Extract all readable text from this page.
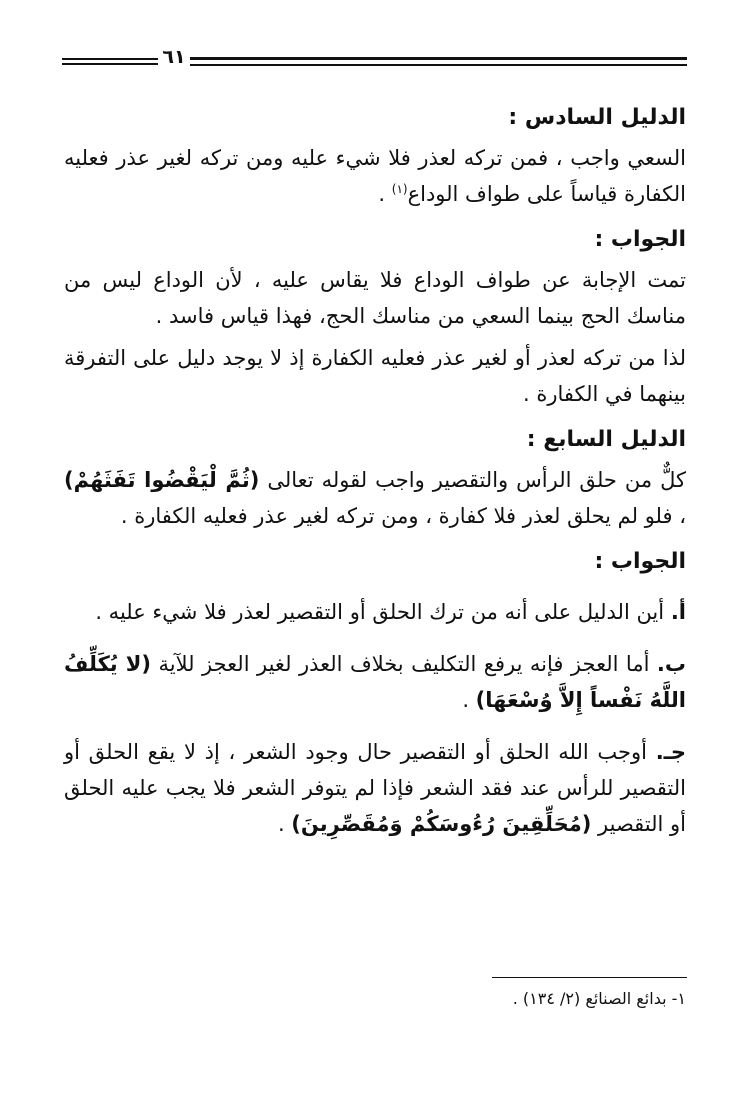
٦١
الدليل السادس :

السعي واجب ، فمن تركه لعذر فلا شيء عليه ومن تركه لغير عذر فعليه الكفارة قياساً على طواف الوداع$^{(١)}$ .

الجواب :

تمت الإجابة عن طواف الوداع فلا يقاس عليه ، لأن الوداع ليس من مناسك الحج بينما السعي من مناسك الحج، فهذا قياس فاسد .

لذا من تركه لعذر أو لغير عذر فعليه الكفارة إذ لا يوجد دليل على التفرقة بينهما في الكفارة .

الدليل السابع :

كلٌّ من حلق الرأس والتقصير واجب لقوله تعالى (ثُمَّ لْيَقْضُوا تَفَثَهُمْ) ، فلو لم يحلق لعذر فلا كفارة ، ومن تركه لغير عذر فعليه الكفارة .

الجواب :

أ. أين الدليل على أنه من ترك الحلق أو التقصير لعذر فلا شيء عليه .

ب. أما العجز فإنه يرفع التكليف بخلاف العذر لغير العجز للآية (لا يُكَلِّفُ اللَّهُ نَفْساً إِلاَّ وُسْعَهَا) .

جـ. أوجب الله الحلق أو التقصير حال وجود الشعر ، إذ لا يقع الحلق أو التقصير للرأس عند فقد الشعر فإذا لم يتوفر الشعر فلا يجب عليه الحلق أو التقصير (مُحَلِّقِينَ رُءُوسَكُمْ وَمُقَصِّرِينَ) .

١- بدائع الصنائع (٢/ ١٣٤) .
